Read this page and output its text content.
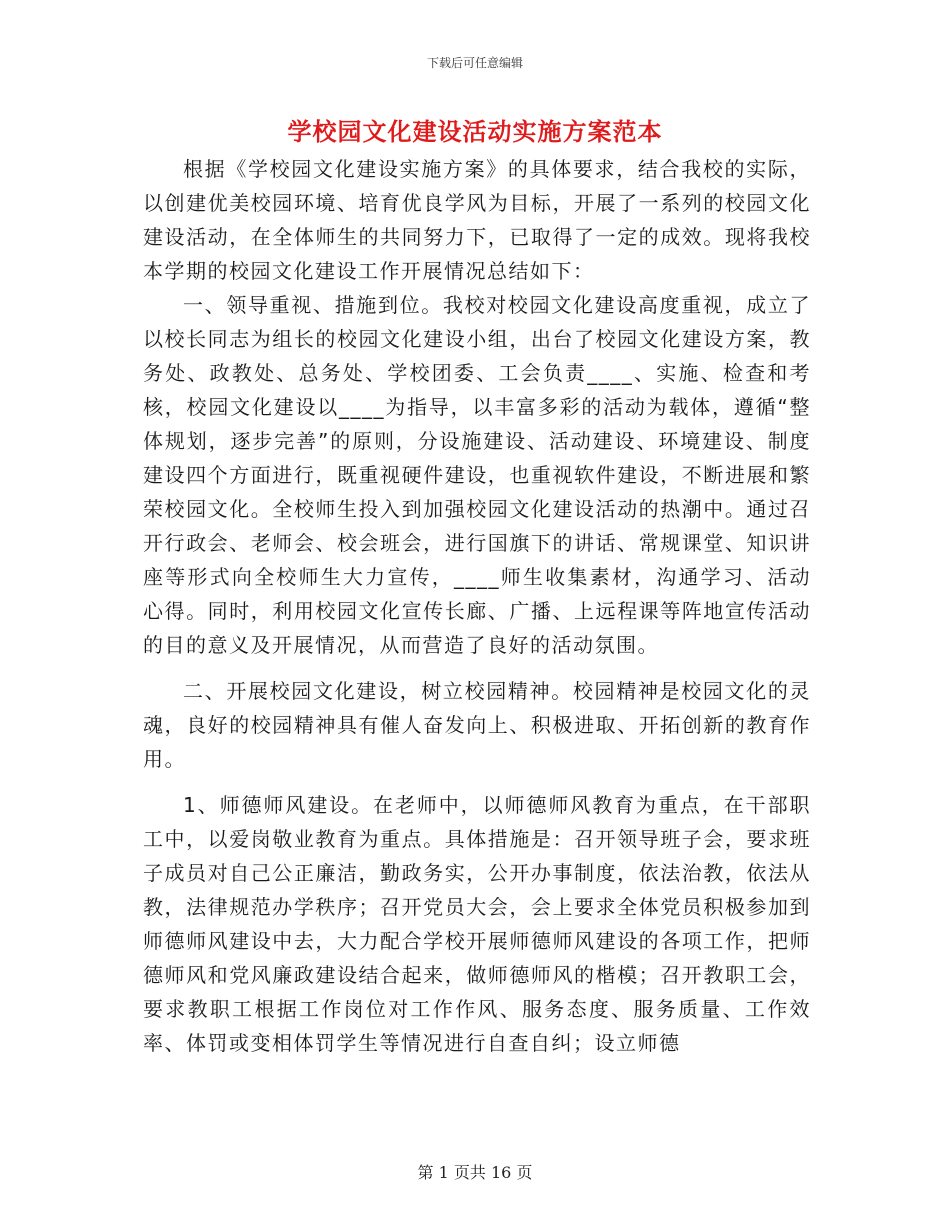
下载后可任意编辑
学校园文化建设活动实施方案范本

根据《学校园文化建设实施方案》的具体要求，结合我校的实际，以创建优美校园环境、培育优良学风为目标，开展了一系列的校园文化建设活动，在全体师生的共同努力下，已取得了一定的成效。现将我校本学期的校园文化建设工作开展情况总结如下：

一、领导重视、措施到位。我校对校园文化建设高度重视，成立了以校长同志为组长的校园文化建设小组，出台了校园文化建设方案，教务处、政教处、总务处、学校团委、工会负责____、实施、检查和考核，校园文化建设以____为指导，以丰富多彩的活动为载体，遵循“整体规划，逐步完善”的原则，分设施建设、活动建设、环境建设、制度建设四个方面进行，既重视硬件建设，也重视软件建设，不断进展和繁荣校园文化。全校师生投入到加强校园文化建设活动的热潮中。通过召开行政会、老师会、校会班会，进行国旗下的讲话、常规课堂、知识讲座等形式向全校师生大力宣传，____师生收集素材，沟通学习、活动心得。同时，利用校园文化宣传长廊、广播、上远程课等阵地宣传活动的目的意义及开展情况，从而营造了良好的活动氛围。

二、开展校园文化建设，树立校园精神。校园精神是校园文化的灵魂，良好的校园精神具有催人奋发向上、积极进取、开拓创新的教育作用。

1、师德师风建设。在老师中，以师德师风教育为重点，在干部职工中，以爱岗敬业教育为重点。具体措施是：召开领导班子会，要求班子成员对自己公正廉洁，勤政务实，公开办事制度，依法治教，依法从教，法律规范办学秩序；召开党员大会，会上要求全体党员积极参加到师德师风建设中去，大力配合学校开展师德师风建设的各项工作，把师德师风和党风廉政建设结合起来，做师德师风的楷模；召开教职工会，要求教职工根据工作岗位对工作作风、服务态度、服务质量、工作效率、体罚或变相体罚学生等情况进行自查自纠；设立师德

第 1 页共 16 页
